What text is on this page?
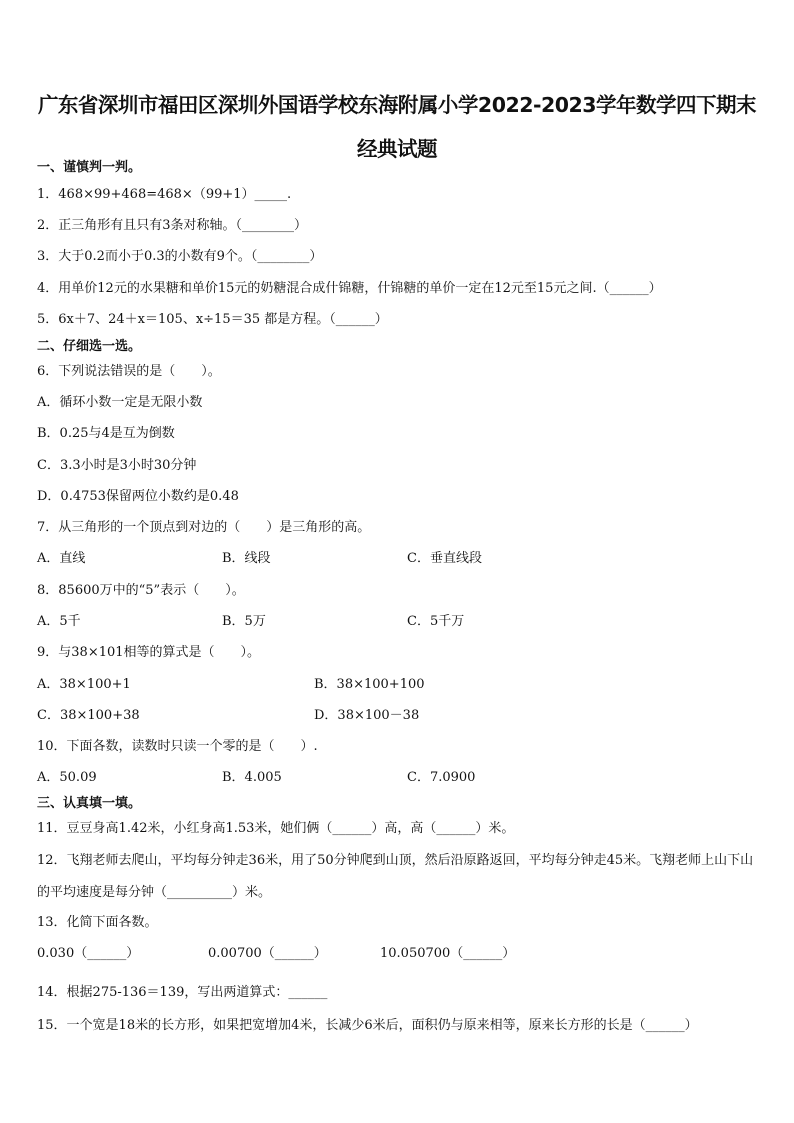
广东省深圳市福田区深圳外国语学校东海附属小学2022-2023学年数学四下期末经典试题
一、谨慎判一判。
1．468×99+468=468×（99+1）_____.
2．正三角形有且只有3条对称轴。（________）
3．大于0.2而小于0.3的小数有9个。（________）
4．用单价12元的水果糖和单价15元的奶糖混合成什锦糖，什锦糖的单价一定在12元至15元之间.（______）
5．6x＋7、24＋x＝105、x÷15＝35 都是方程。（______）
二、仔细选一选。
6．下列说法错误的是（　　）。
A．循环小数一定是无限小数
B．0.25与4是互为倒数
C．3.3小时是3小时30分钟
D．0.4753保留两位小数约是0.48
7．从三角形的一个顶点到对边的（　　）是三角形的高。
A．直线	B．线段	C．垂直线段
8．85600万中的“5”表示（　　）。
A．5千	B．5万	C．5千万
9．与38×101相等的算式是（　　）。
A．38×100+1	B．38×100+100
C．38×100+38	D．38×100－38
10．下面各数，读数时只读一个零的是（　　）.
A．50.09	B．4.005	C．7.0900
三、认真填一填。
11．豆豆身高1.42米，小红身高1.53米，她们俩（______）高，高（______）米。
12．飞翔老师去爬山，平均每分钟走36米，用了50分钟爬到山顶，然后沿原路返回，平均每分钟走45米。飞翔老师上山下山的平均速度是每分钟（__________）米。
13．化简下面各数。
0.030（______）	0.00700（______）	10.050700（______）
14．根据275-136＝139，写出两道算式：______
15．一个宽是18米的长方形，如果把宽增加4米，长减少6米后，面积仍与原来相等，原来长方形的长是（______）
